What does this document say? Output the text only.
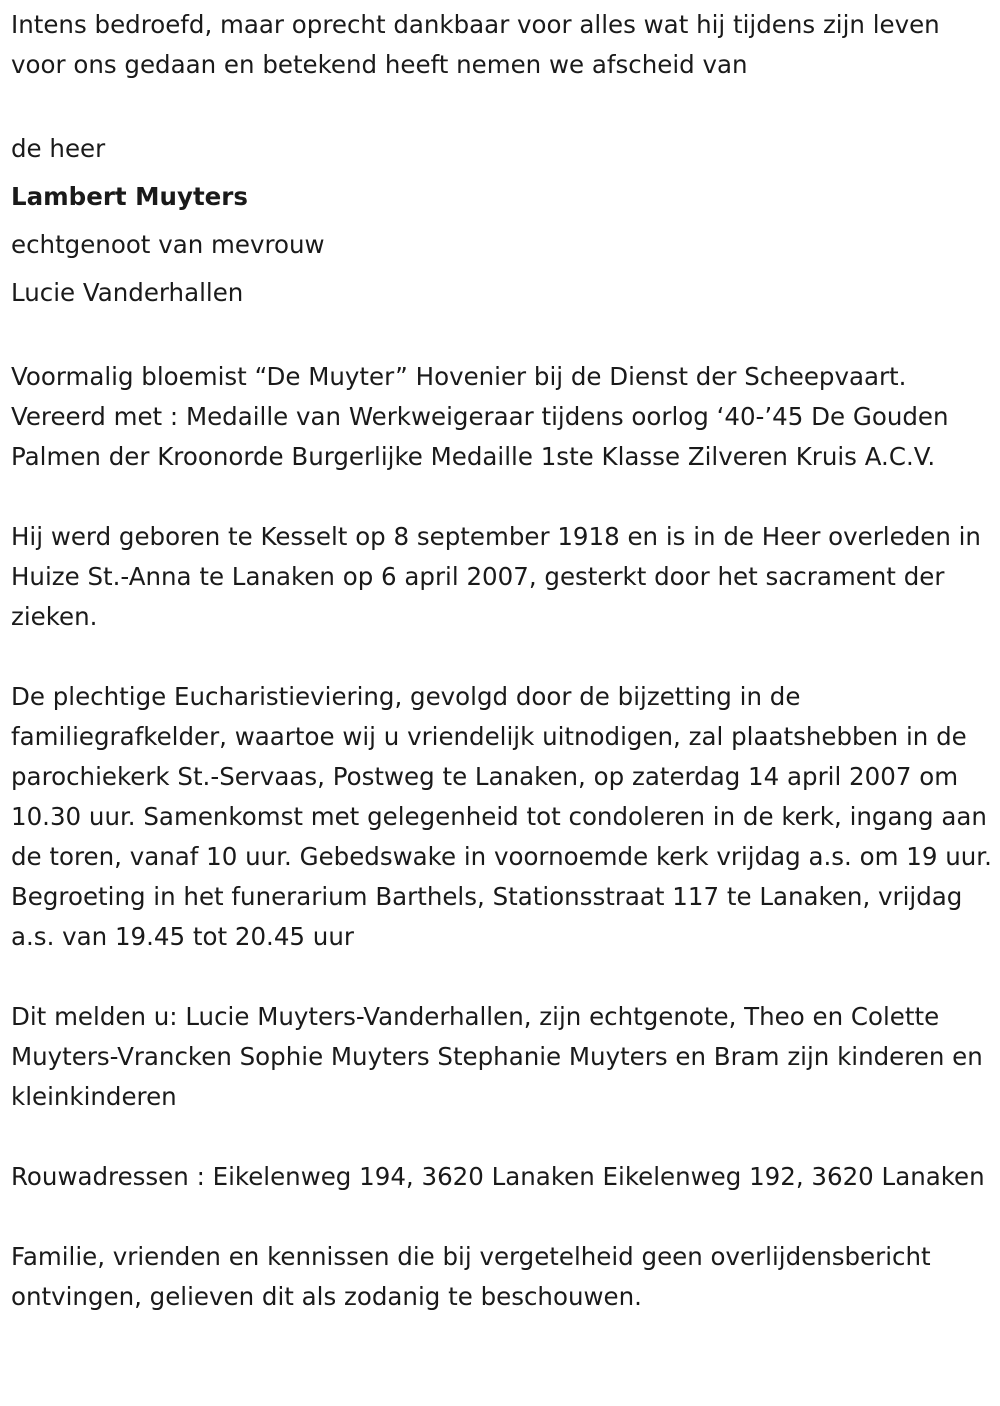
Intens bedroefd, maar oprecht dankbaar voor alles wat hij tijdens zijn leven voor ons gedaan en betekend heeft nemen we afscheid van

de heer
Lambert Muyters
echtgenoot van mevrouw
Lucie Vanderhallen

Voormalig bloemist “De Muyter” Hovenier bij de Dienst der Scheepvaart. Vereerd met : Medaille van Werkweigeraar tijdens oorlog ‘40-’45 De Gouden Palmen der Kroonorde Burgerlijke Medaille 1ste Klasse Zilveren Kruis A.C.V.

Hij werd geboren te Kesselt op 8 september 1918 en is in de Heer overleden in Huize St.-Anna te Lanaken op 6 april 2007, gesterkt door het sacrament der zieken.

De plechtige Eucharistieviering, gevolgd door de bijzetting in de familiegrafkelder, waartoe wij u vriendelijk uitnodigen, zal plaatshebben in de parochiekerk St.-Servaas, Postweg te Lanaken, op zaterdag 14 april 2007 om 10.30 uur. Samenkomst met gelegenheid tot condoleren in de kerk, ingang aan de toren, vanaf 10 uur. Gebedswake in voornoemde kerk vrijdag a.s. om 19 uur. Begroeting in het funerarium Barthels, Stationsstraat 117 te Lanaken, vrijdag a.s. van 19.45 tot 20.45 uur

Dit melden u: Lucie Muyters-Vanderhallen, zijn echtgenote, Theo en Colette Muyters-Vrancken Sophie Muyters Stephanie Muyters en Bram zijn kinderen en kleinkinderen

Rouwadressen : Eikelenweg 194, 3620 Lanaken Eikelenweg 192, 3620 Lanaken

Familie, vrienden en kennissen die bij vergetelheid geen overlijdensbericht ontvingen, gelieven dit als zodanig te beschouwen.
